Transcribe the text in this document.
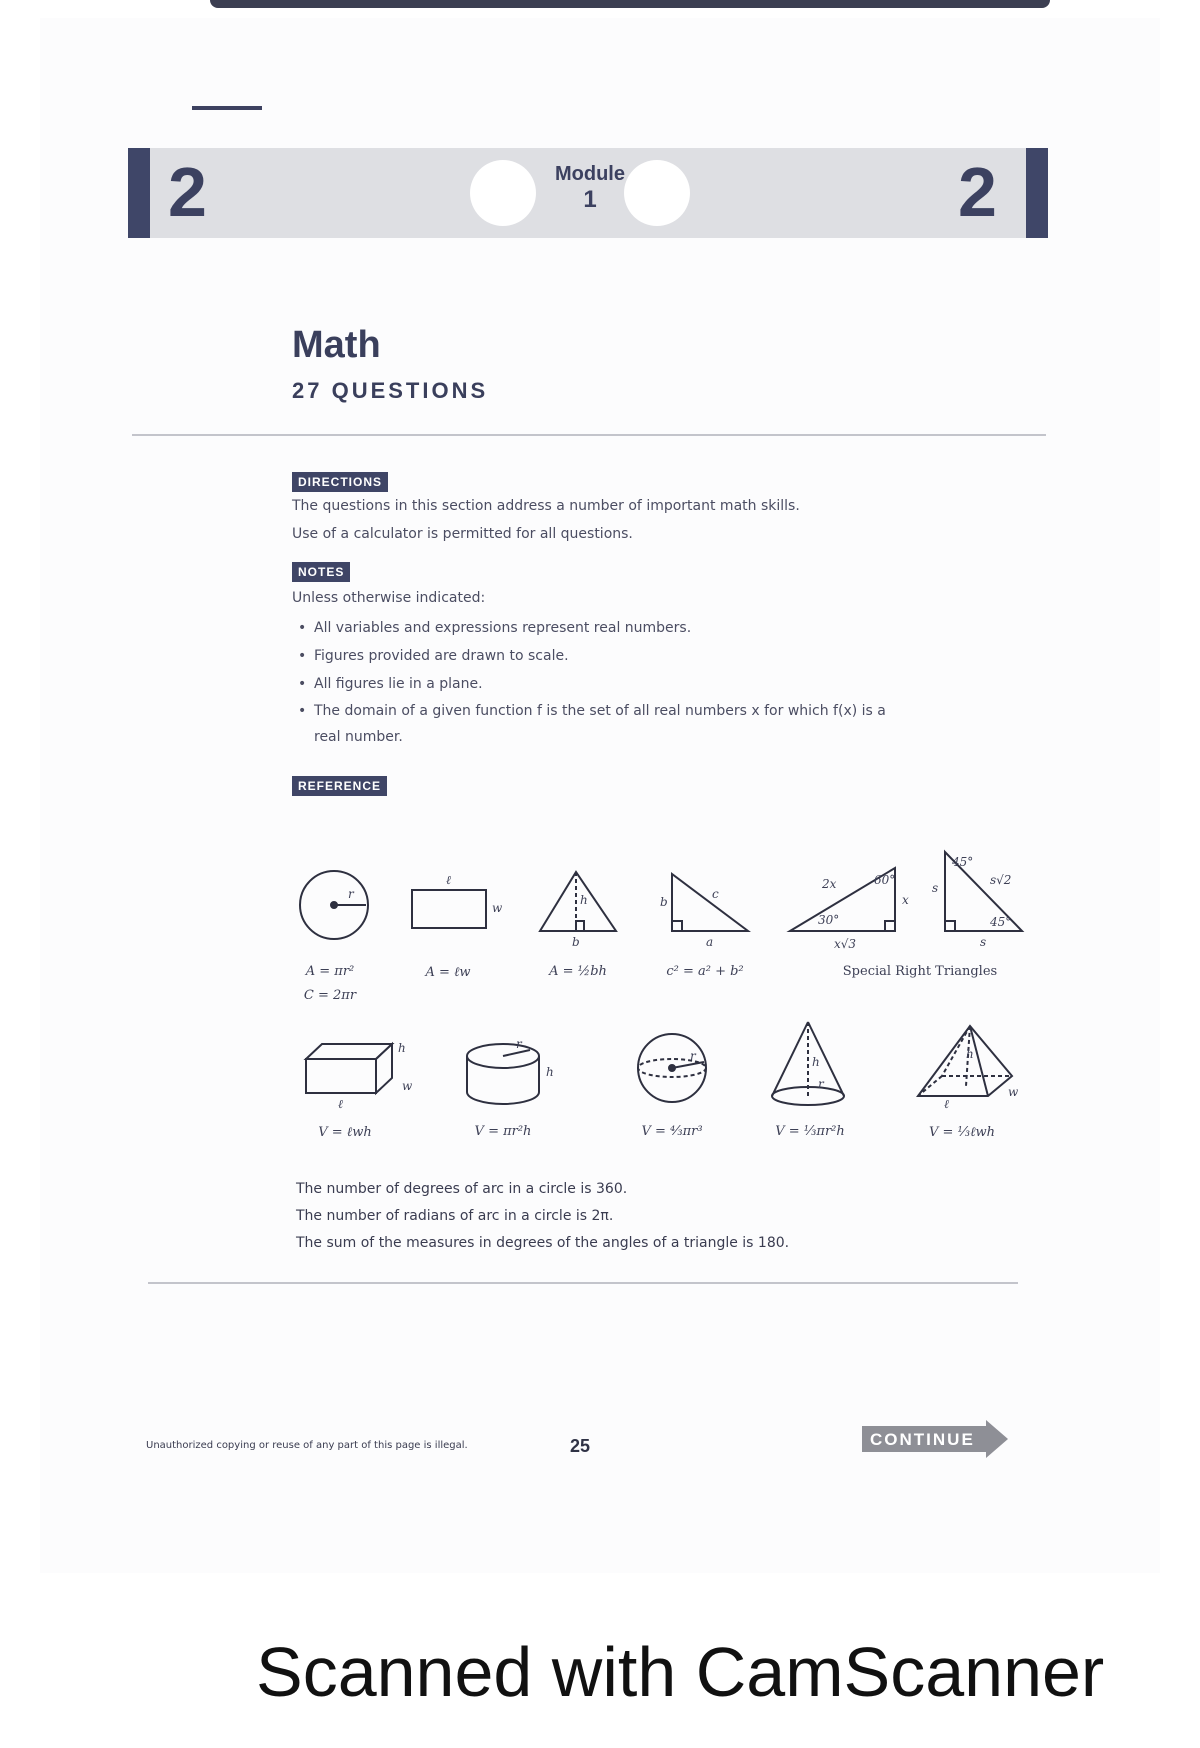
2	2
Module
1
Math
27 QUESTIONS
DIRECTIONS
The questions in this section address a number of important math skills.
Use of a calculator is permitted for all questions.
NOTES
Unless otherwise indicated:
• All variables and expressions represent real numbers.
• Figures provided are drawn to scale.
• All figures lie in a plane.
• The domain of a given function f is the set of all real numbers x for which f(x) is a real number.
REFERENCE
r
ℓ
w
b
h	b
c
a
2x
x
x√3
60°
30°
s
s√2
45°
45°
s
h
w
ℓ
h
r
r	h
r
w
ℓ
h
A = πr²
C = 2πr
A = ℓw	A = ½bh	c² = a² + b²	Special Right Triangles
V = ℓwh	V = πr²h	V = ⁴⁄₃πr³	V = ⅓πr²h	V = ⅓ℓwh
The number of degrees of arc in a circle is 360.
The number of radians of arc in a circle is 2π.
The sum of the measures in degrees of the angles of a triangle is 180.
Unauthorized copying or reuse of any part of this page is illegal.	25	CONTINUE
Scanned with CamScanner
